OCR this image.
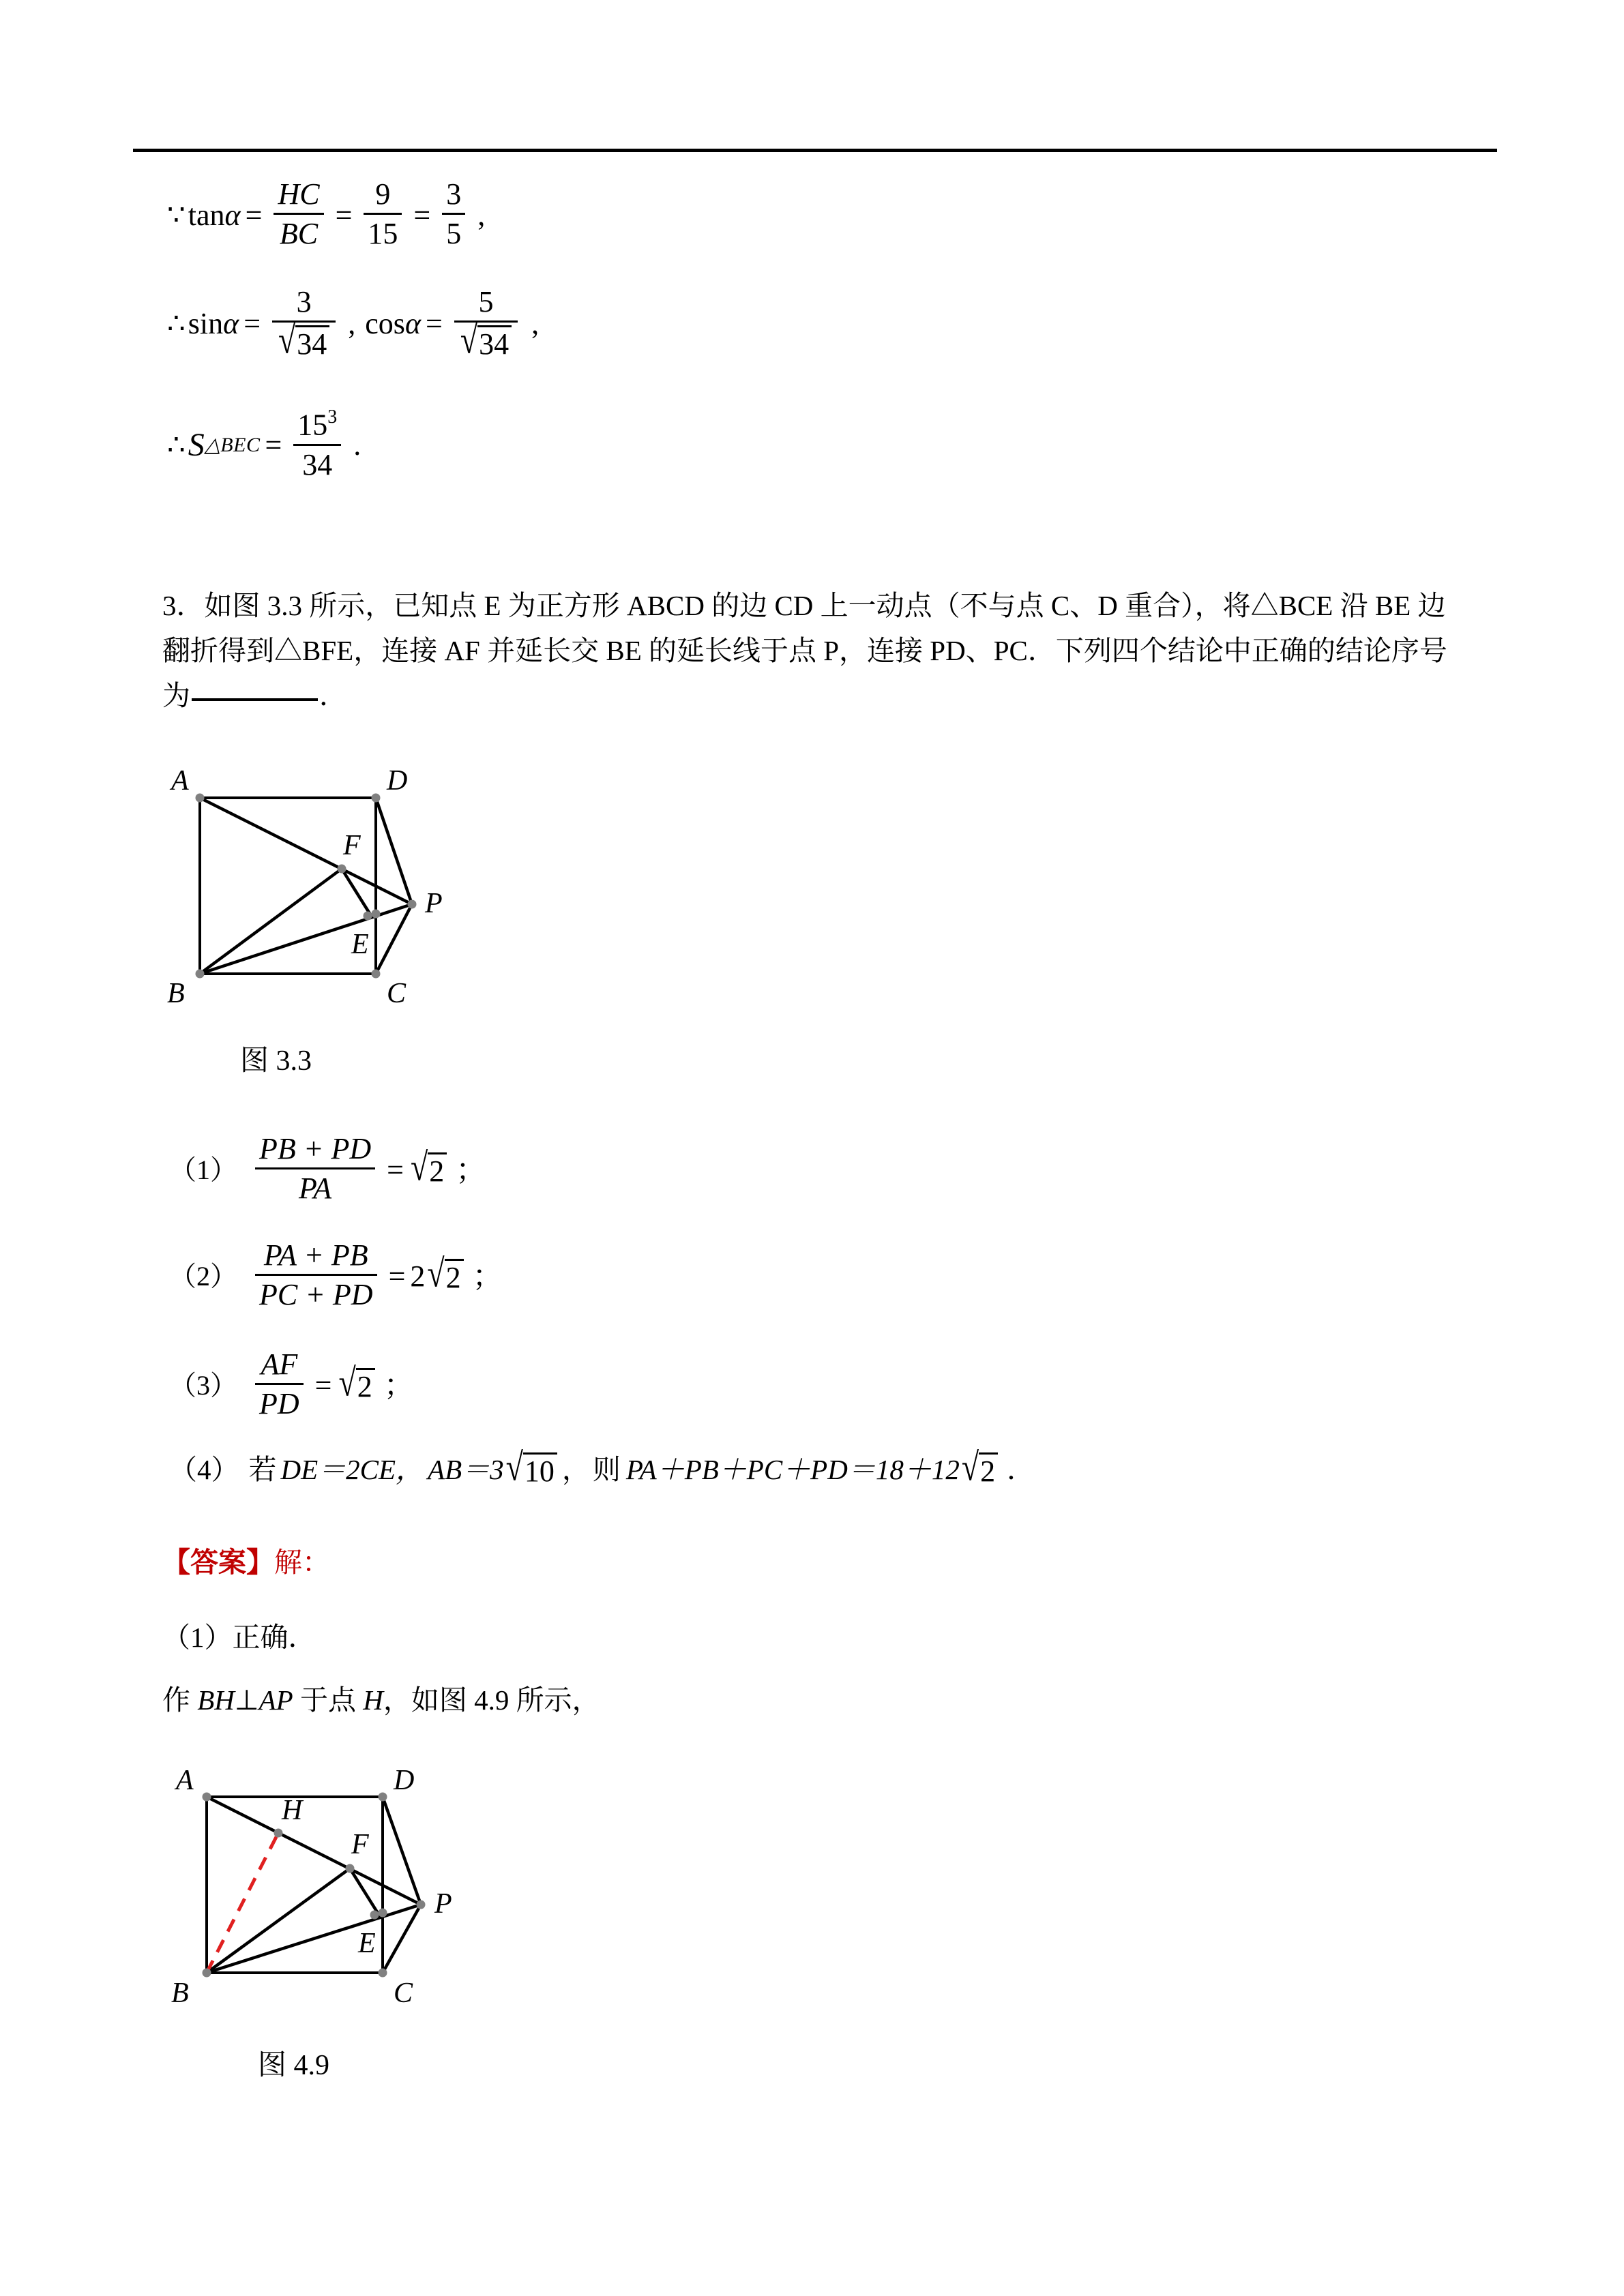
∵ $\tan \alpha = \frac{HC}{BC} = \frac{9}{15} = \frac{3}{5}$ ,
∴ $\sin \alpha = \frac{3}{√ 34}$ , $\cos \alpha = \frac{5}{√ 34}$ ,
∴ S △BEC = $\frac{15^3}{34}$ .
3．如图 3.3 所示，已知点 E 为正方形 ABCD 的边 CD 上一动点（不与点 C、D 重合），将△BCE 沿 BE 边
翻折得到△BFE，连接 AF 并延长交 BE 的延长线于点 P，连接 PD、PC．下列四个结论中正确的结论序号
为	．
A	D
B	C
F
E
P
图 3.3
$(1) \frac{PB + PD}{PA}$ = √ 2 ；
$(2) \frac{PA + PB}{PC + PD} = 2$ √ 2 ；
$(3) \frac{AF}{PD}$ = √ 2 ；
（4） 若 DE＝2CE， AB＝3 √ 10 ， 则 PA＋PB＋PC＋PD＝18＋12 √ 2 ．
【答案】解：
（1）正确．
作 BH⊥AP 于点 H，如图 4.9 所示，
A	D
B	C
H
F
E
P
图 4.9
